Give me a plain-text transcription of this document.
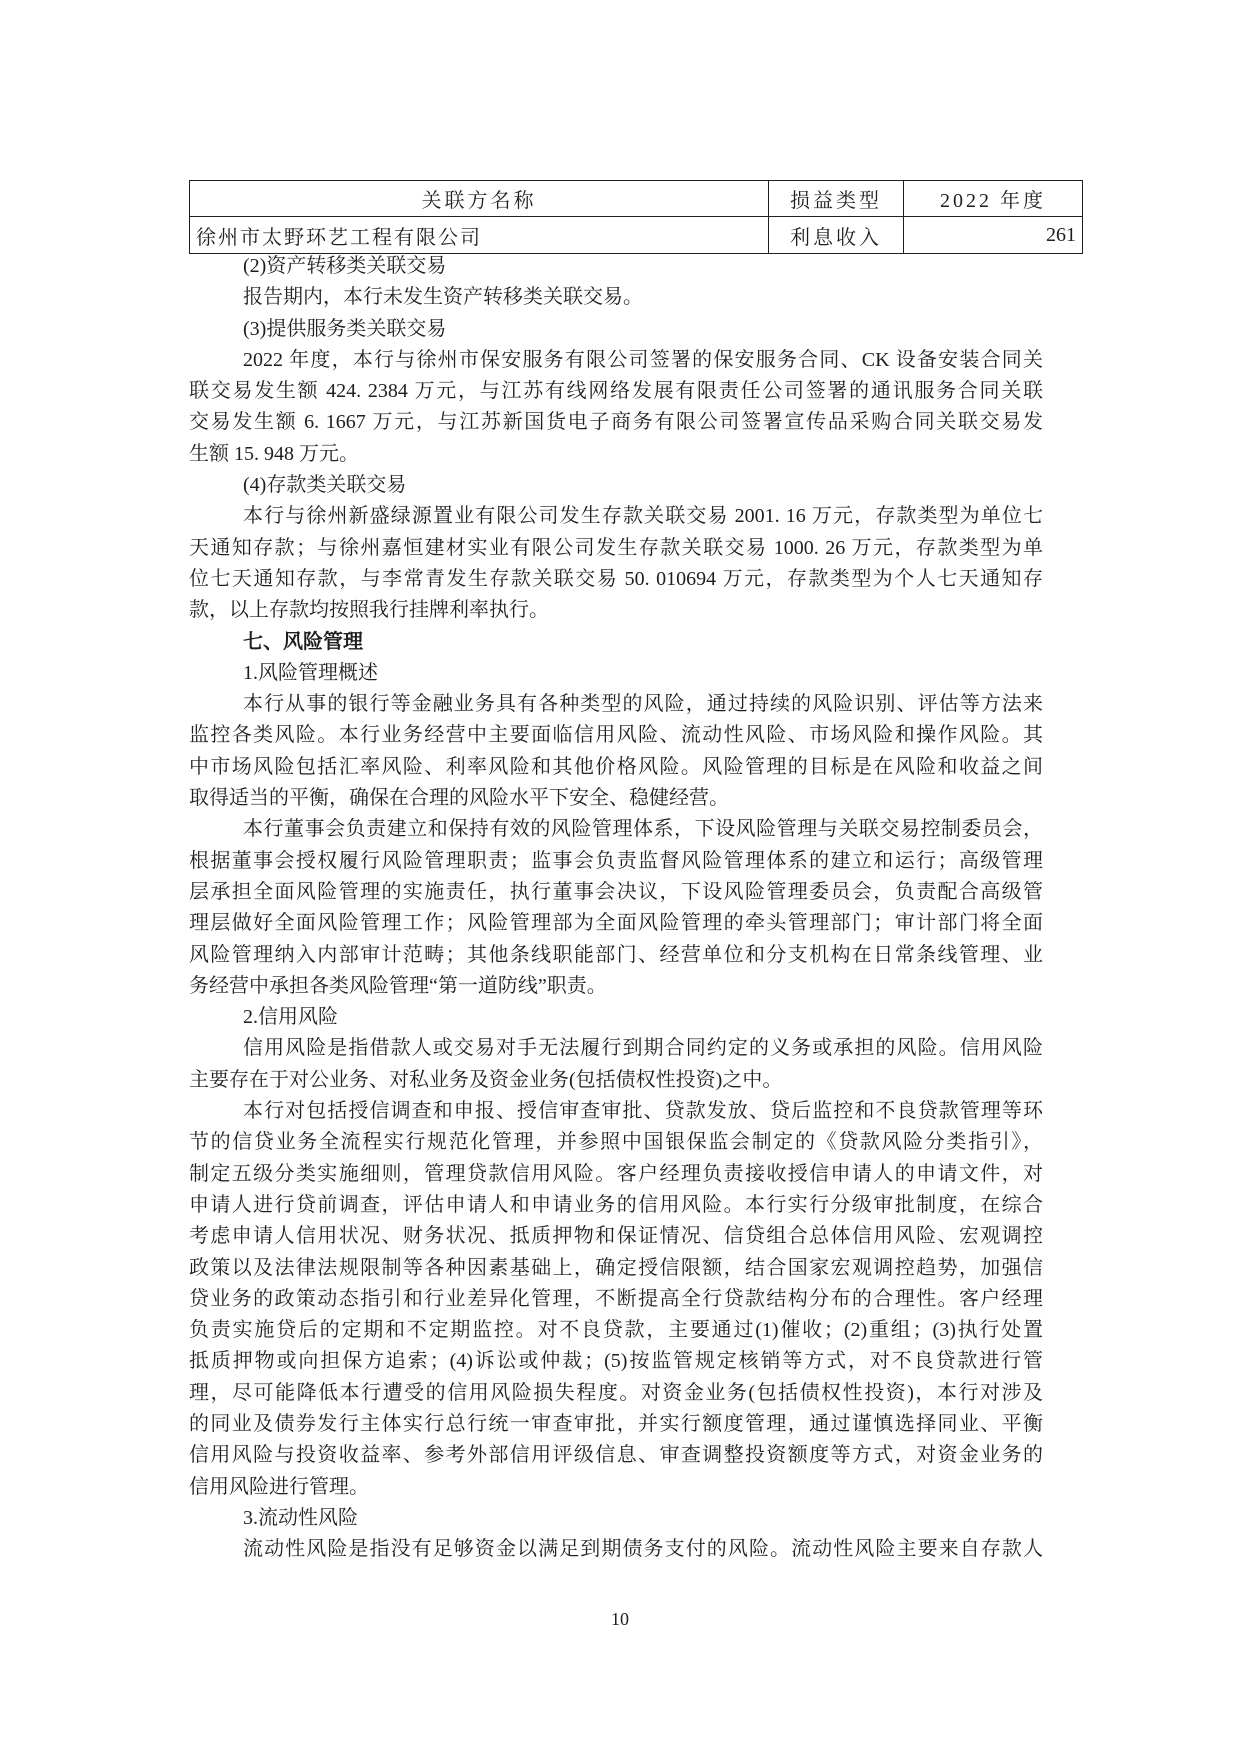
关联方名称	损益类型	2022 年度
徐州市太野环艺工程有限公司	利息收入	261
(2)资产转移类关联交易
报告期内，本行未发生资产转移类关联交易。
(3)提供服务类关联交易
2022 年度，本行与徐州市保安服务有限公司签署的保安服务合同、CK 设备安装合同关
联交易发生额 424. 2384 万元，与江苏有线网络发展有限责任公司签署的通讯服务合同关联
交易发生额 6. 1667 万元，与江苏新国货电子商务有限公司签署宣传品采购合同关联交易发
生额 15. 948 万元。
(4)存款类关联交易
本行与徐州新盛绿源置业有限公司发生存款关联交易 2001. 16 万元，存款类型为单位七
天通知存款；与徐州嘉恒建材实业有限公司发生存款关联交易 1000. 26 万元，存款类型为单
位七天通知存款，与李常青发生存款关联交易 50. 010694 万元，存款类型为个人七天通知存
款，以上存款均按照我行挂牌利率执行。
七、风险管理
1.风险管理概述
本行从事的银行等金融业务具有各种类型的风险，通过持续的风险识别、评估等方法来
监控各类风险。本行业务经营中主要面临信用风险、流动性风险、市场风险和操作风险。其
中市场风险包括汇率风险、利率风险和其他价格风险。风险管理的目标是在风险和收益之间
取得适当的平衡，确保在合理的风险水平下安全、稳健经营。
本行董事会负责建立和保持有效的风险管理体系，下设风险管理与关联交易控制委员会，
根据董事会授权履行风险管理职责；监事会负责监督风险管理体系的建立和运行；高级管理
层承担全面风险管理的实施责任，执行董事会决议，下设风险管理委员会，负责配合高级管
理层做好全面风险管理工作；风险管理部为全面风险管理的牵头管理部门；审计部门将全面
风险管理纳入内部审计范畴；其他条线职能部门、经营单位和分支机构在日常条线管理、业
务经营中承担各类风险管理“第一道防线”职责。
2.信用风险
信用风险是指借款人或交易对手无法履行到期合同约定的义务或承担的风险。信用风险
主要存在于对公业务、对私业务及资金业务(包括债权性投资)之中。
本行对包括授信调查和申报、授信审查审批、贷款发放、贷后监控和不良贷款管理等环
节的信贷业务全流程实行规范化管理，并参照中国银保监会制定的《贷款风险分类指引》，
制定五级分类实施细则，管理贷款信用风险。客户经理负责接收授信申请人的申请文件，对
申请人进行贷前调查，评估申请人和申请业务的信用风险。本行实行分级审批制度，在综合
考虑申请人信用状况、财务状况、抵质押物和保证情况、信贷组合总体信用风险、宏观调控
政策以及法律法规限制等各种因素基础上，确定授信限额，结合国家宏观调控趋势，加强信
贷业务的政策动态指引和行业差异化管理，不断提高全行贷款结构分布的合理性。客户经理
负责实施贷后的定期和不定期监控。对不良贷款，主要通过(1)催收；(2)重组；(3)执行处置
抵质押物或向担保方追索；(4)诉讼或仲裁；(5)按监管规定核销等方式，对不良贷款进行管
理，尽可能降低本行遭受的信用风险损失程度。对资金业务(包括债权性投资)，本行对涉及
的同业及债券发行主体实行总行统一审查审批，并实行额度管理，通过谨慎选择同业、平衡
信用风险与投资收益率、参考外部信用评级信息、审查调整投资额度等方式，对资金业务的
信用风险进行管理。
3.流动性风险
流动性风险是指没有足够资金以满足到期债务支付的风险。流动性风险主要来自存款人
10
